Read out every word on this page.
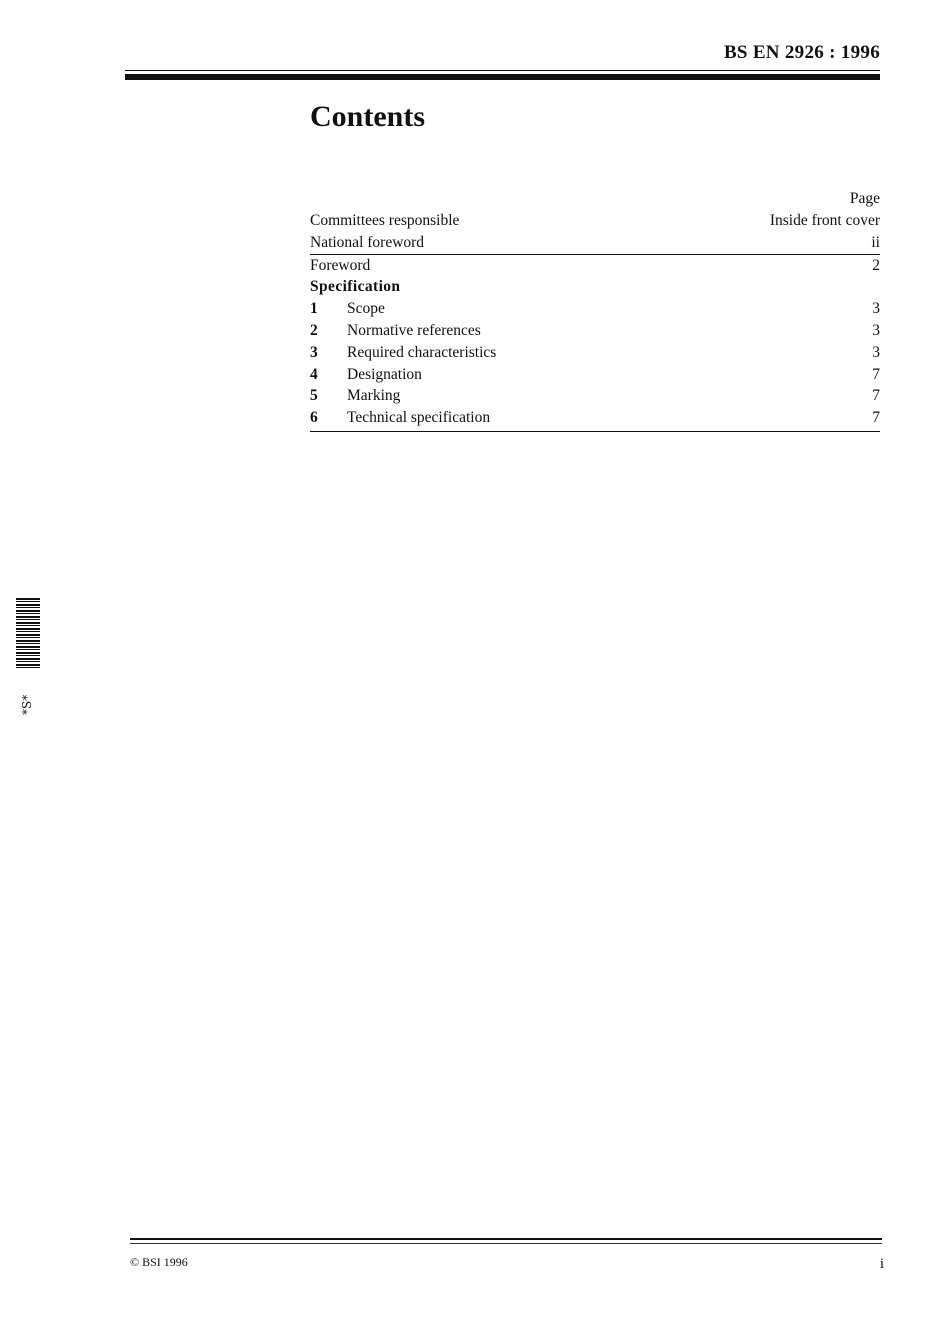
BS EN 2926 : 1996
Contents
Page
Committees responsible	Inside front cover
National foreword	ii
Foreword	2
Specification
1 Scope	3
2 Normative references	3
3 Required characteristics	3
4 Designation	7
5 Marking	7
6 Technical specification	7
*S*
© BSI 1996	i
